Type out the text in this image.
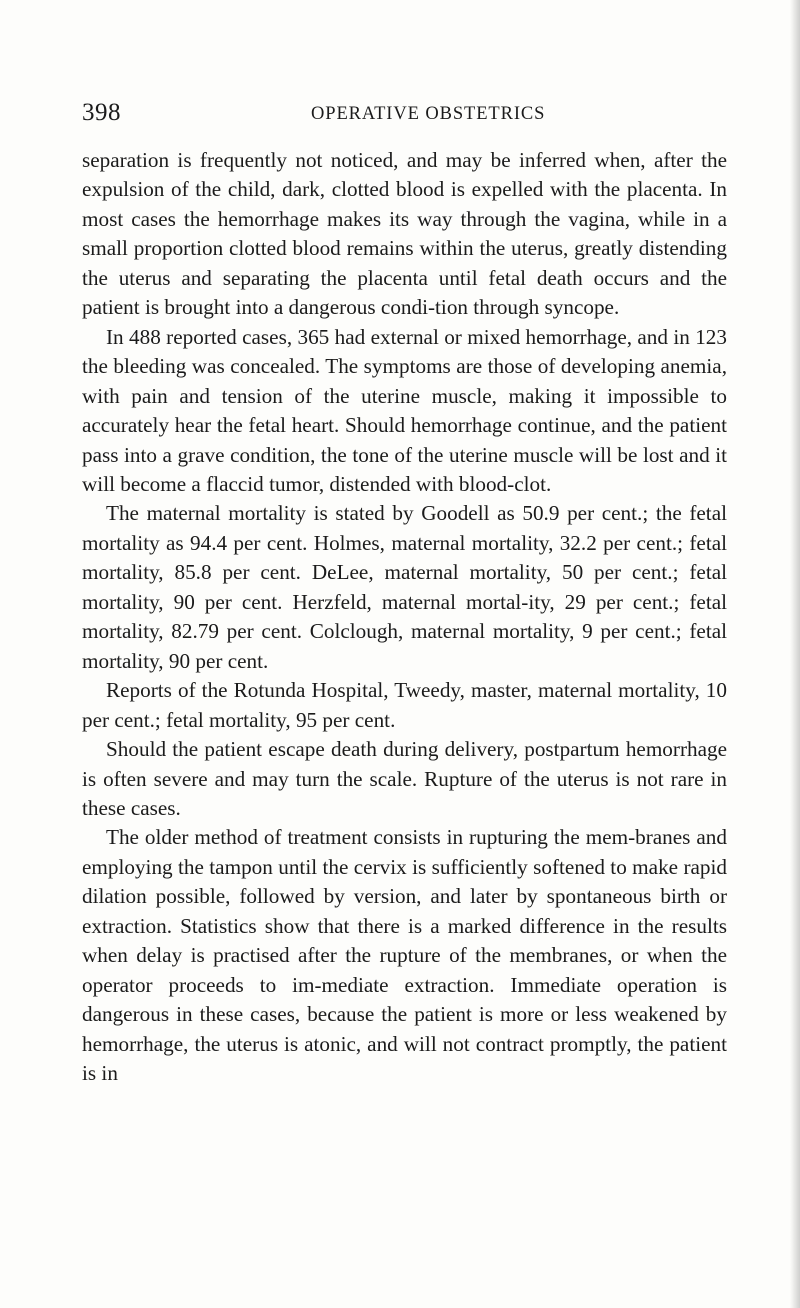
398	OPERATIVE OBSTETRICS

separation is frequently not noticed, and may be inferred when, after the expulsion of the child, dark, clotted blood is expelled with the placenta. In most cases the hemorrhage makes its way through the vagina, while in a small proportion clotted blood remains within the uterus, greatly distending the uterus and separating the placenta until fetal death occurs and the patient is brought into a dangerous condi-tion through syncope.

In 488 reported cases, 365 had external or mixed hemorrhage, and in 123 the bleeding was concealed. The symptoms are those of developing anemia, with pain and tension of the uterine muscle, making it impossible to accurately hear the fetal heart. Should hemorrhage continue, and the patient pass into a grave condition, the tone of the uterine muscle will be lost and it will become a flaccid tumor, distended with blood-clot.

The maternal mortality is stated by Goodell as 50.9 per cent.; the fetal mortality as 94.4 per cent. Holmes, maternal mortality, 32.2 per cent.; fetal mortality, 85.8 per cent. DeLee, maternal mortality, 50 per cent.; fetal mortality, 90 per cent. Herzfeld, maternal mortal-ity, 29 per cent.; fetal mortality, 82.79 per cent. Colclough, maternal mortality, 9 per cent.; fetal mortality, 90 per cent.

Reports of the Rotunda Hospital, Tweedy, master, maternal mortality, 10 per cent.; fetal mortality, 95 per cent.

Should the patient escape death during delivery, postpartum hemorrhage is often severe and may turn the scale. Rupture of the uterus is not rare in these cases.

The older method of treatment consists in rupturing the mem-branes and employing the tampon until the cervix is sufficiently softened to make rapid dilation possible, followed by version, and later by spontaneous birth or extraction. Statistics show that there is a marked difference in the results when delay is practised after the rupture of the membranes, or when the operator proceeds to im-mediate extraction. Immediate operation is dangerous in these cases, because the patient is more or less weakened by hemorrhage, the uterus is atonic, and will not contract promptly, the patient is in
